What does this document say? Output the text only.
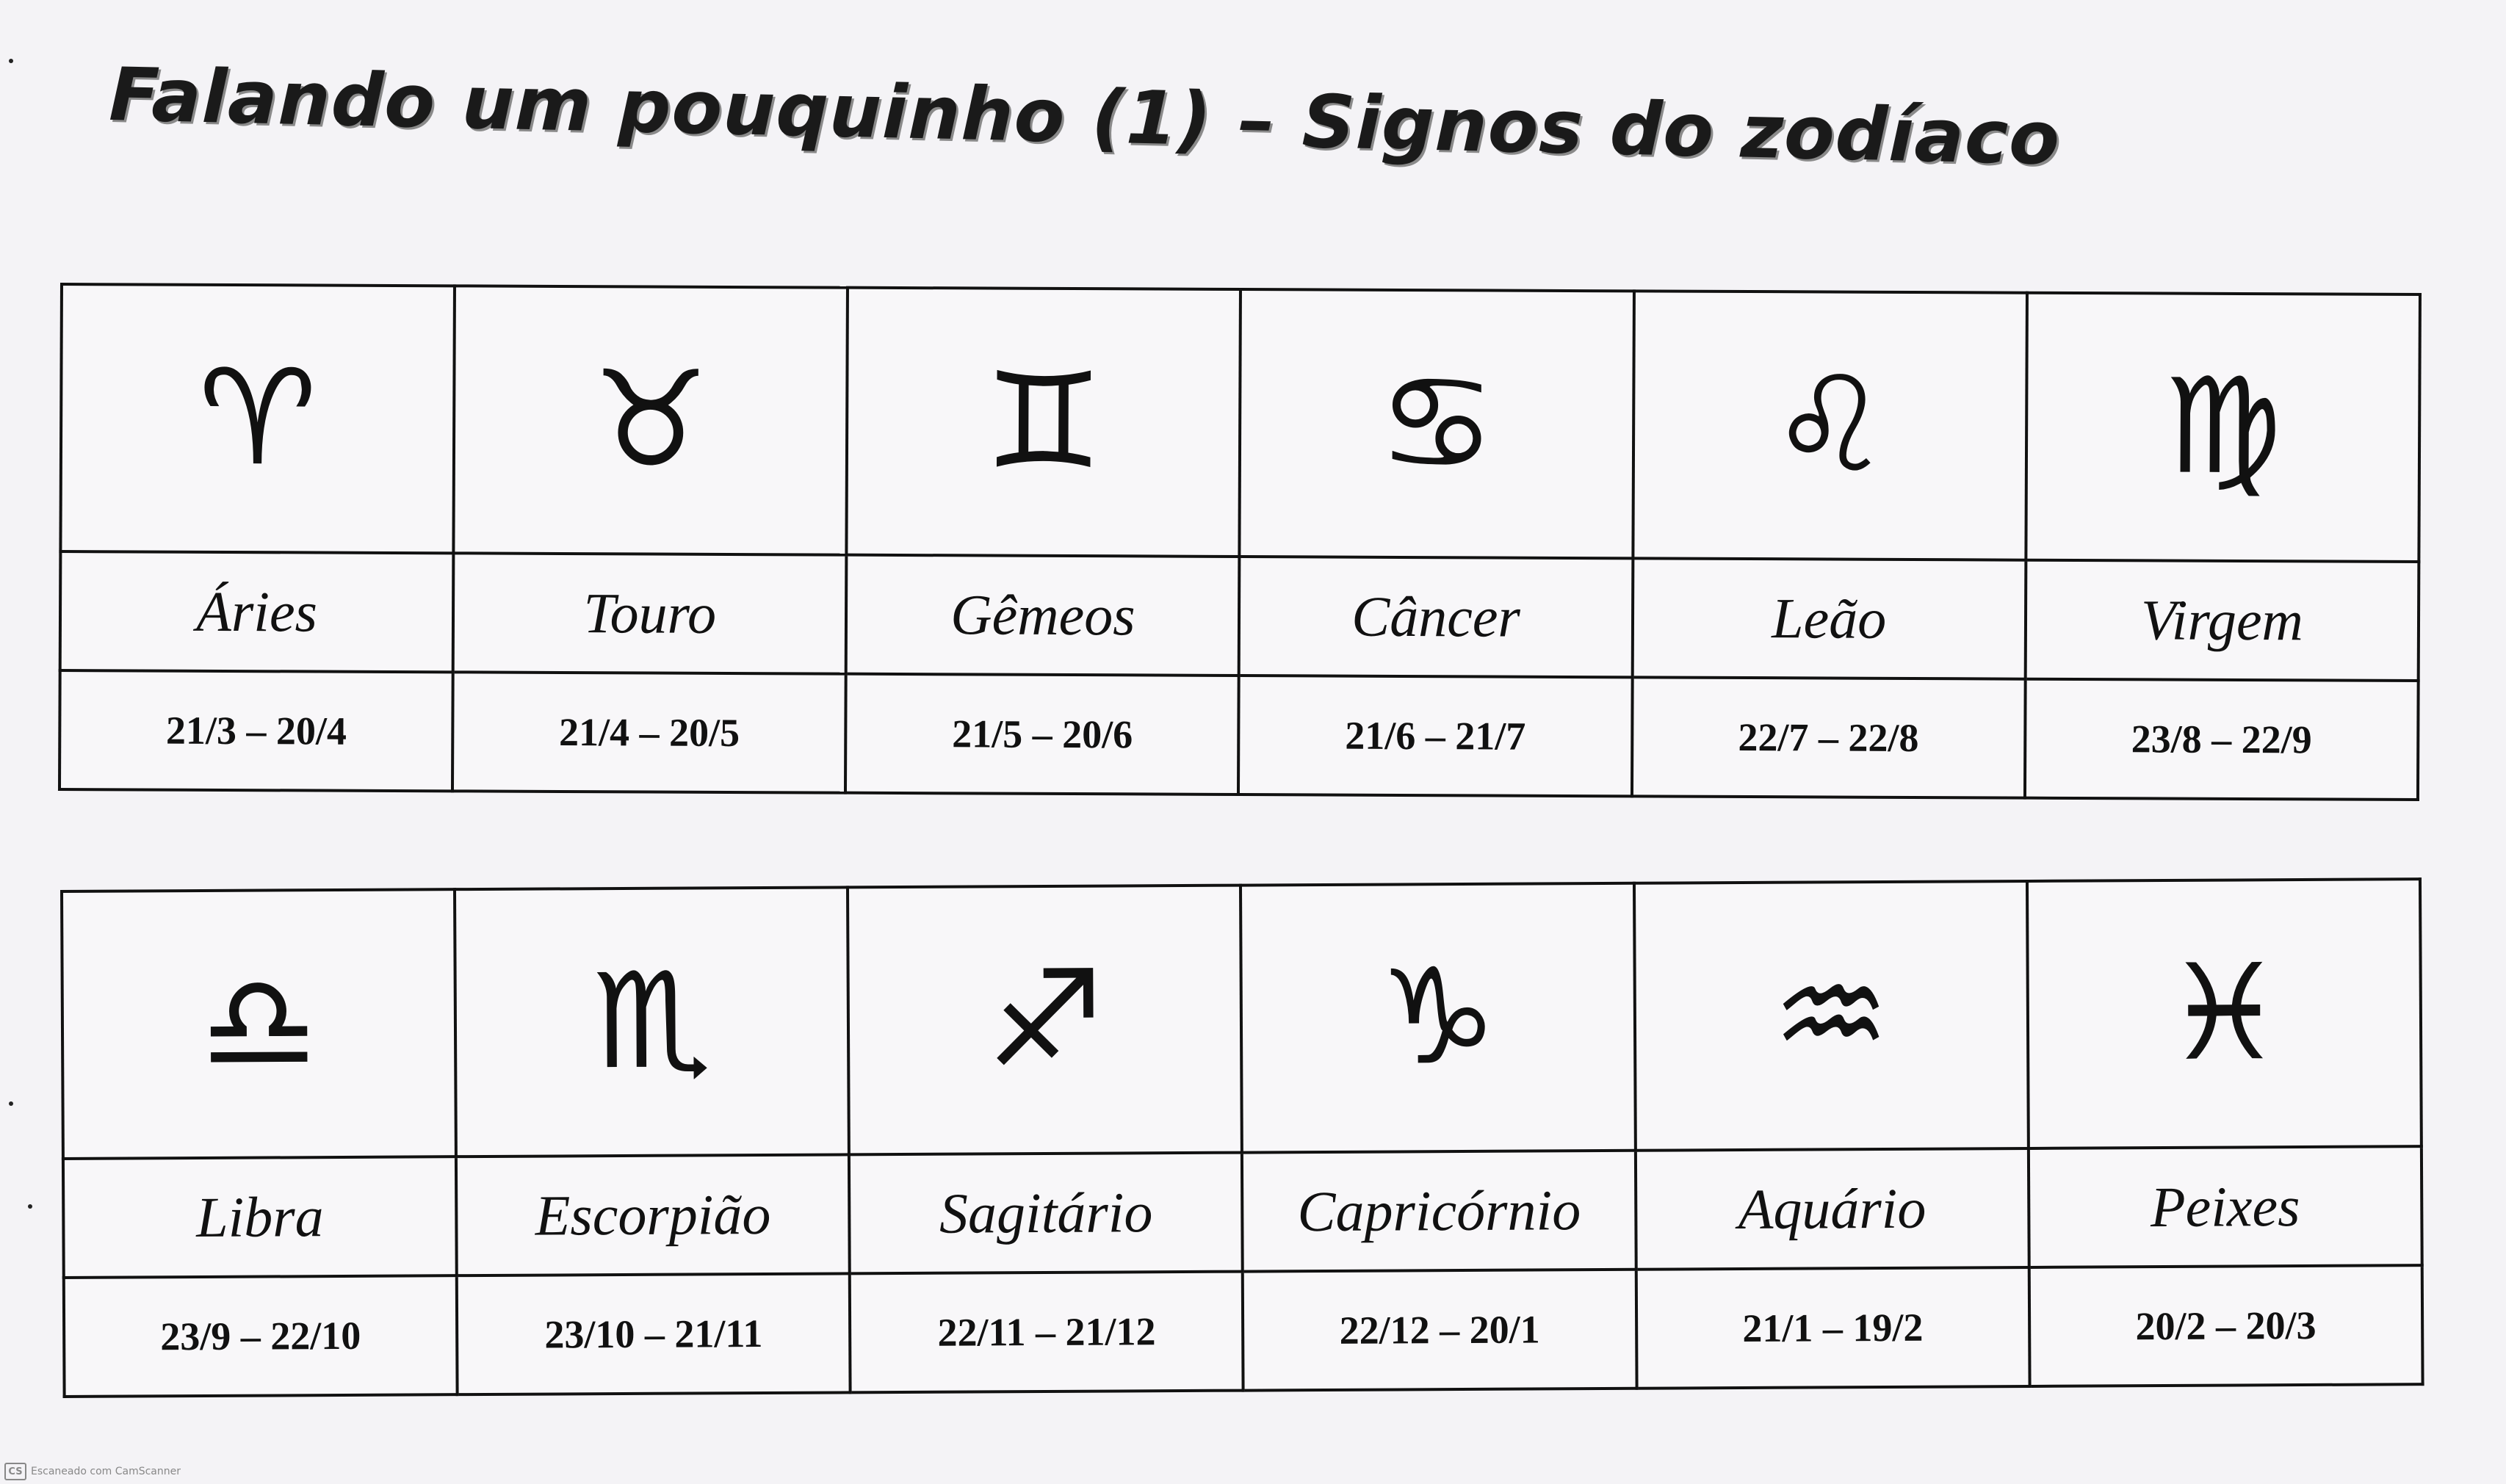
Falando um pouquinho (1) – Signos do zodíaco
♈	♉	♊	♋	♌	♍
Áries	Touro	Gêmeos	Câncer	Leão	Virgem
21/3 – 20/4	21/4 – 20/5	21/5 – 20/6	21/6 – 21/7	22/7 – 22/8	23/8 – 22/9
♎	♏	♐	♑	♒	♓
Libra	Escorpião	Sagitário	Capricórnio	Aquário	Peixes
23/9 – 22/10	23/10 – 21/11	22/11 – 21/12	22/12 – 20/1	21/1 – 19/2	20/2 – 20/3
CS Escaneado com CamScanner
